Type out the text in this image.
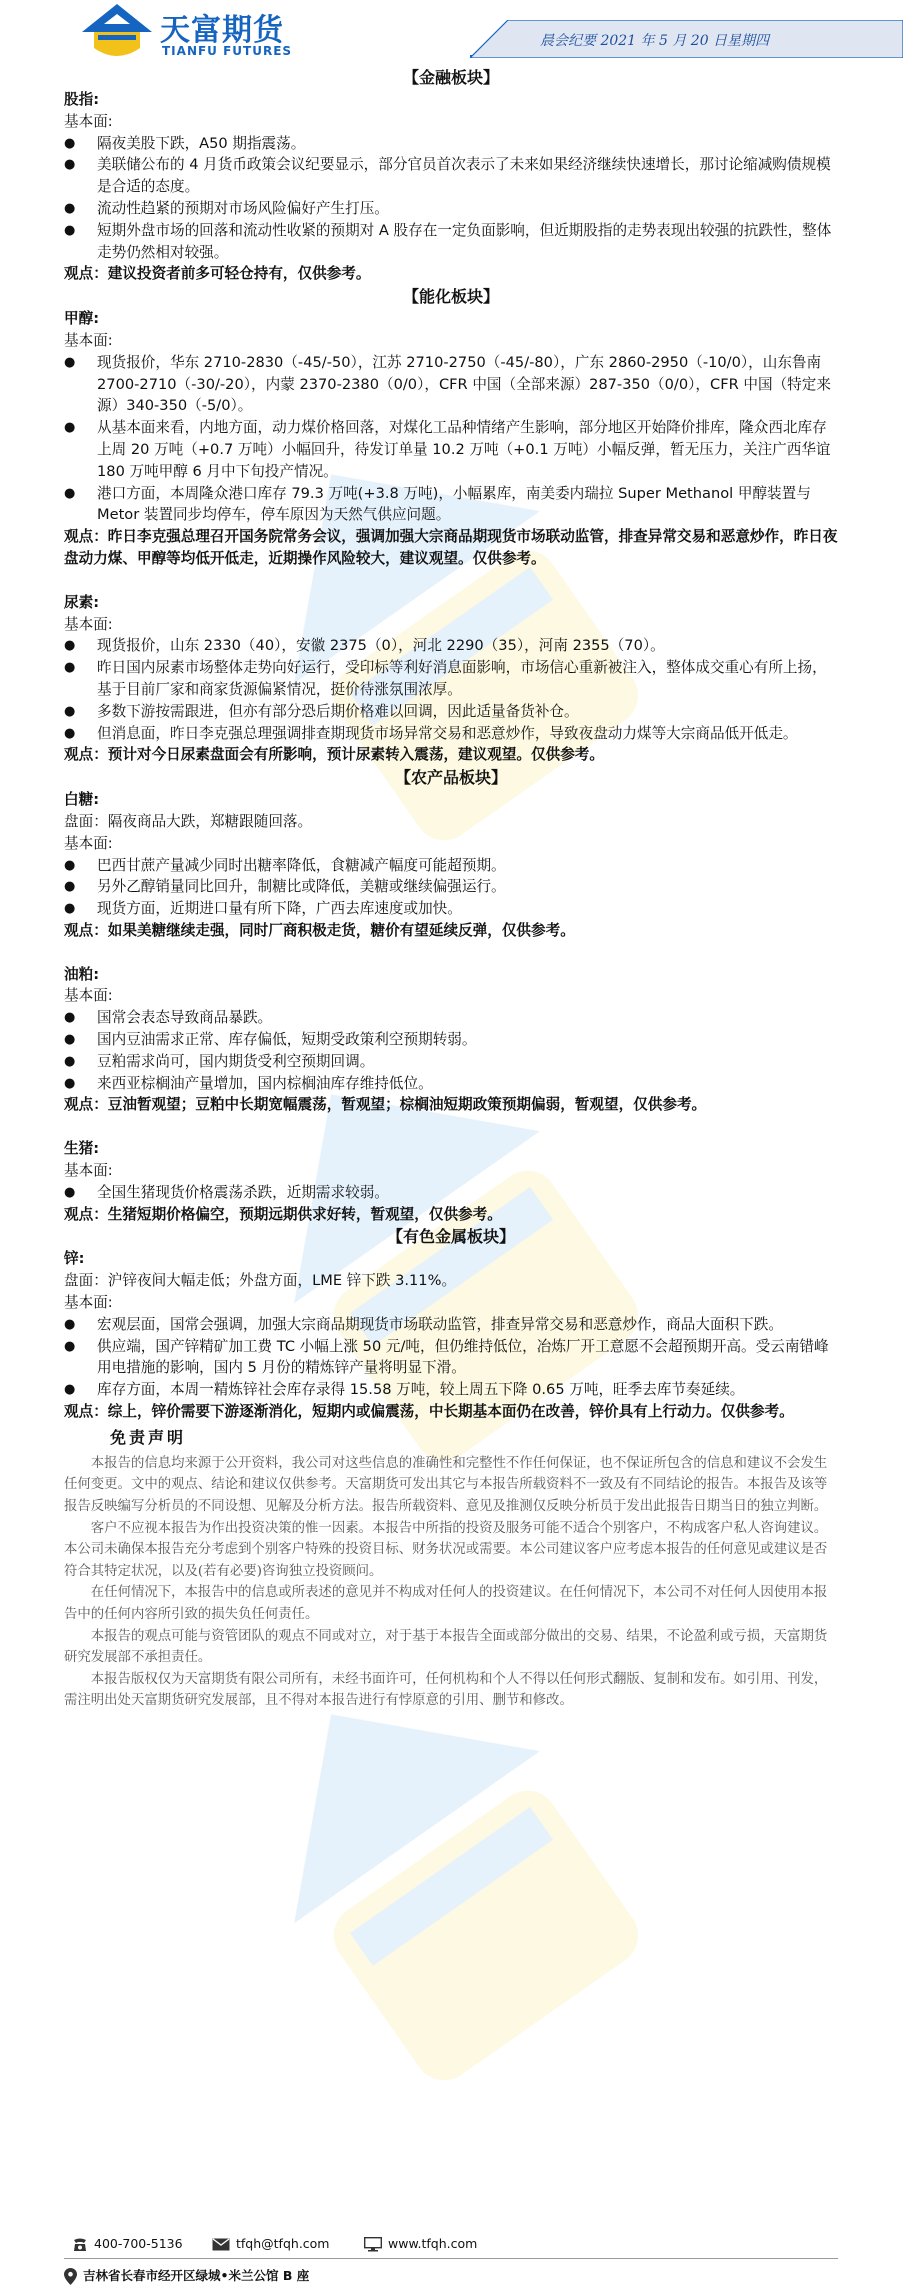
天富期货
TIANFU FUTURES
晨会纪要 2021 年 5 月 20 日星期四
【金融板块】
股指:
基本面:
● 隔夜美股下跌，A50 期指震荡。
● 美联储公布的 4 月货币政策会议纪要显示，部分官员首次表示了未来如果经济继续快速增长，那讨论缩减购债规模是合适的态度。
● 流动性趋紧的预期对市场风险偏好产生打压。
● 短期外盘市场的回落和流动性收紧的预期对 A 股存在一定负面影响，但近期股指的走势表现出较强的抗跌性，整体走势仍然相对较强。
观点：建议投资者前多可轻仓持有，仅供参考。
【能化板块】
甲醇:
基本面:
● 现货报价，华东 2710-2830（-45/-50），江苏 2710-2750（-45/-80），广东 2860-2950（-10/0），山东鲁南 2700-2710（-30/-20），内蒙 2370-2380（0/0），CFR 中国（全部来源）287-350（0/0），CFR 中国（特定来源）340-350（-5/0）。
● 从基本面来看，内地方面，动力煤价格回落，对煤化工品种情绪产生影响，部分地区开始降价排库，隆众西北库存上周 20 万吨（+0.7 万吨）小幅回升，待发订单量 10.2 万吨（+0.1 万吨）小幅反弹，暂无压力，关注广西华谊 180 万吨甲醇 6 月中下旬投产情况。
● 港口方面，本周隆众港口库存 79.3 万吨(+3.8 万吨)，小幅累库，南美委内瑞拉 Super Methanol 甲醇装置与 Metor 装置同步均停车，停车原因为天然气供应问题。
观点：昨日李克强总理召开国务院常务会议，强调加强大宗商品期现货市场联动监管，排查异常交易和恶意炒作，昨日夜盘动力煤、甲醇等均低开低走，近期操作风险较大，建议观望。仅供参考。
尿素:
基本面:
● 现货报价，山东 2330（40），安徽 2375（0），河北 2290（35），河南 2355（70）。
● 昨日国内尿素市场整体走势向好运行，受印标等利好消息面影响，市场信心重新被注入，整体成交重心有所上扬，基于目前厂家和商家货源偏紧情况，挺价待涨氛围浓厚。
● 多数下游按需跟进，但亦有部分恐后期价格难以回调，因此适量备货补仓。
● 但消息面，昨日李克强总理强调排查期现货市场异常交易和恶意炒作，导致夜盘动力煤等大宗商品低开低走。
观点：预计对今日尿素盘面会有所影响，预计尿素转入震荡，建议观望。仅供参考。
【农产品板块】
白糖:
盘面：隔夜商品大跌，郑糖跟随回落。
基本面:
● 巴西甘蔗产量减少同时出糖率降低，食糖减产幅度可能超预期。
● 另外乙醇销量同比回升，制糖比或降低，美糖或继续偏强运行。
● 现货方面，近期进口量有所下降，广西去库速度或加快。
观点：如果美糖继续走强，同时厂商积极走货，糖价有望延续反弹，仅供参考。
油粕:
基本面:
● 国常会表态导致商品暴跌。
● 国内豆油需求正常、库存偏低，短期受政策利空预期转弱。
● 豆粕需求尚可，国内期货受利空预期回调。
● 来西亚棕榈油产量增加，国内棕榈油库存维持低位。
观点：豆油暂观望；豆粕中长期宽幅震荡，暂观望；棕榈油短期政策预期偏弱，暂观望，仅供参考。
生猪:
基本面:
● 全国生猪现货价格震荡杀跌，近期需求较弱。
观点：生猪短期价格偏空，预期远期供求好转，暂观望，仅供参考。
【有色金属板块】
锌:
盘面：沪锌夜间大幅走低；外盘方面，LME 锌下跌 3.11%。
基本面:
● 宏观层面，国常会强调，加强大宗商品期现货市场联动监管，排查异常交易和恶意炒作，商品大面积下跌。
● 供应端，国产锌精矿加工费 TC 小幅上涨 50 元/吨，但仍维持低位，冶炼厂开工意愿不会超预期开高。受云南错峰用电措施的影响，国内 5 月份的精炼锌产量将明显下滑。
● 库存方面，本周一精炼锌社会库存录得 15.58 万吨，较上周五下降 0.65 万吨，旺季去库节奏延续。
观点：综上，锌价需要下游逐渐消化，短期内或偏震荡，中长期基本面仍在改善，锌价具有上行动力。仅供参考。
免责声明

本报告的信息均来源于公开资料，我公司对这些信息的准确性和完整性不作任何保证，也不保证所包含的信息和建议不会发生任何变更。文中的观点、结论和建议仅供参考。天富期货可发出其它与本报告所载资料不一致及有不同结论的报告。本报告及该等报告反映编写分析员的不同设想、见解及分析方法。报告所载资料、意见及推测仅反映分析员于发出此报告日期当日的独立判断。

客户不应视本报告为作出投资决策的惟一因素。本报告中所指的投资及服务可能不适合个别客户，不构成客户私人咨询建议。本公司未确保本报告充分考虑到个别客户特殊的投资目标、财务状况或需要。本公司建议客户应考虑本报告的任何意见或建议是否符合其特定状况，以及(若有必要)咨询独立投资顾问。

在任何情况下，本报告中的信息或所表述的意见并不构成对任何人的投资建议。在任何情况下，本公司不对任何人因使用本报告中的任何内容所引致的损失负任何责任。

本报告的观点可能与资管团队的观点不同或对立，对于基于本报告全面或部分做出的交易、结果，不论盈利或亏损，天富期货研究发展部不承担责任。

本报告版权仅为天富期货有限公司所有，未经书面许可，任何机构和个人不得以任何形式翻版、复制和发布。如引用、刊发，需注明出处天富期货研究发展部，且不得对本报告进行有悖原意的引用、删节和修改。

400-700-5136	tfqh@tfqh.com	www.tfqh.com
吉林省长春市经开区绿城•米兰公馆 B 座
